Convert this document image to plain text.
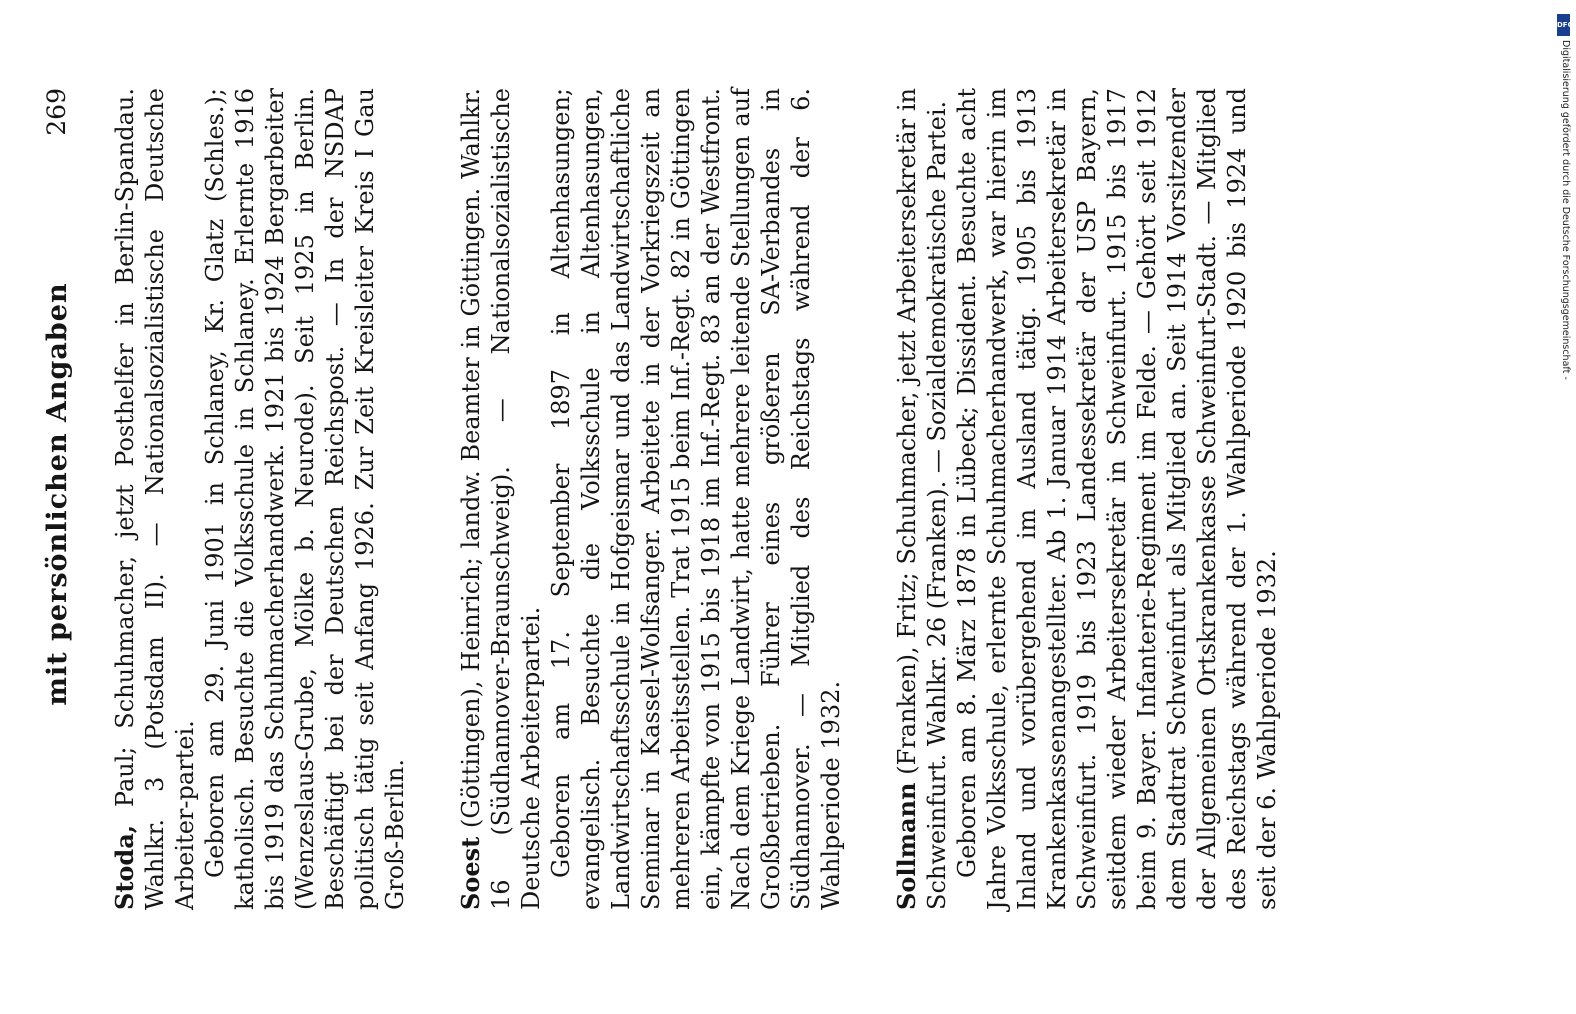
mit persönlichen Angaben
269

Stoda, Paul; Schuhmacher, jetzt Posthelfer in Berlin-Spandau. Wahlkr. 3 (Potsdam II). — Nationalsozialistische Deutsche Arbeiter-partei. Geboren am 29. Juni 1901 in Schlaney, Kr. Glatz (Schles.); katholisch. Besuchte die Volksschule in Schlaney. Erlernte 1916 bis 1919 das Schuhmacherhandwerk. 1921 bis 1924 Bergarbeiter (Wenzeslaus-Grube, Mölke b. Neurode). Seit 1925 in Berlin. Beschäftigt bei der Deutschen Reichspost. — In der NSDAP politisch tätig seit Anfang 1926. Zur Zeit Kreisleiter Kreis I Gau Groß-Berlin. Soest (Göttingen), Heinrich; landw. Beamter in Göttingen. Wahlkr. 16 (Südhannover-Braunschweig). — Nationalsozialistische Deutsche Arbeiterpartei. Geboren am 17. September 1897 in Altenhasungen; evangelisch. Besuchte die Volksschule in Altenhasungen, Landwirtschaftsschule in Hofgeismar und das Landwirtschaftliche Seminar in Kassel-Wolfsanger. Arbeitete in der Vorkriegszeit an mehreren Arbeitsstellen. Trat 1915 beim Inf.-Regt. 82 in Göttingen ein, kämpfte von 1915 bis 1918 im Inf.-Regt. 83 an der Westfront. Nach dem Kriege Landwirt, hatte mehrere leitende Stellungen auf Großbetrieben. Führer eines größeren SA-Verbandes in Südhannover. — Mitglied des Reichstags während der 6. Wahlperiode 1932. Sollmann (Franken), Fritz; Schuhmacher, jetzt Arbeitersekretär in Schweinfurt. Wahlkr. 26 (Franken). — Sozialdemokratische Partei. Geboren am 8. März 1878 in Lübeck; Dissident. Besuchte acht Jahre Volksschule, erlernte Schuhmacherhandwerk, war hierin im Inland und vorübergehend im Ausland tätig. 1905 bis 1913 Krankenkassenangestellter. Ab 1. Januar 1914 Arbeitersekretär in Schweinfurt. 1919 bis 1923 Landessekretär der USP Bayern, seitdem wieder Arbeitersekretär in Schweinfurt. 1915 bis 1917 beim 9. Bayer. Infanterie-Regiment im Felde. — Gehört seit 1912 dem Stadtrat Schweinfurt als Mitglied an. Seit 1914 Vorsitzender der Allgemeinen Ortskrankenkasse Schweinfurt-Stadt. — Mitglied des Reichstags während der 1. Wahlperiode 1920 bis 1924 und seit der 6. Wahlperiode 1932.

DFG
Digitalisierung gefördert durch die Deutsche Forschungsgemeinschaft -
